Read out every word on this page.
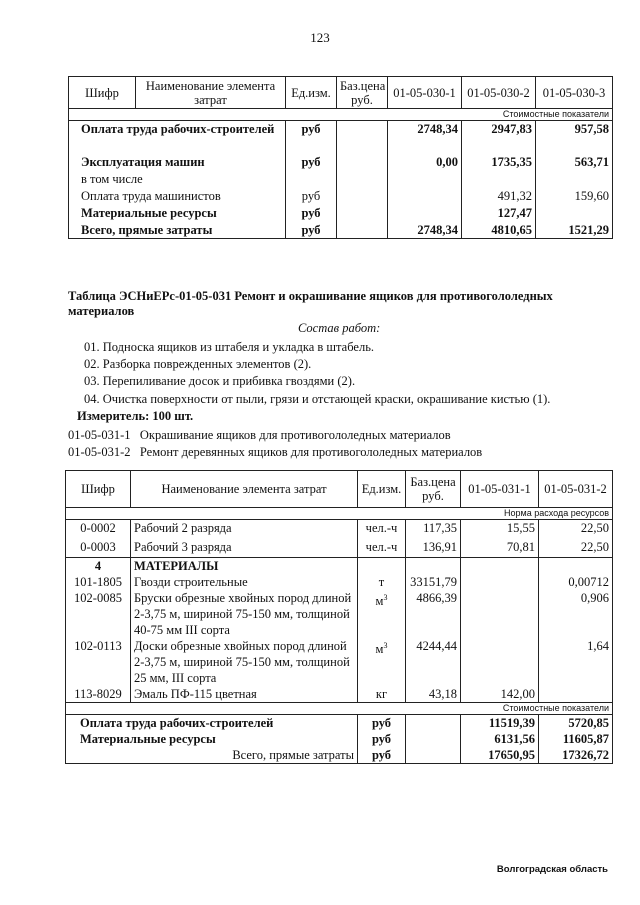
123
Шифр	Наименование элемента затрат	Ед.изм.	Баз.цена руб.	01-05-030-1	01-05-030-2	01-05-030-3
Стоимостные показатели						
Оплата труда рабочих-строителей		руб		2748,34	2947,83	957,58
Эксплуатация машин		руб		0,00	1735,35	563,71
в том числе						
Оплата труда машинистов		руб			491,32	159,60
Материальные ресурсы		руб			127,47	
Всего, прямые затраты		руб		2748,34	4810,65	1521,29
Таблица ЭСНиЕРс-01-05-031 Ремонт и окрашивание ящиков для противогололедных материалов
Состав работ:
01. Подноска ящиков из штабеля и укладка в штабель.
02. Разборка поврежденных элементов (2).
03. Перепиливание досок и прибивка гвоздями (2).
04. Очистка поверхности от пыли, грязи и отстающей краски, окрашивание кистью (1).
Измеритель: 100 шт.
01-05-031-1 Окрашивание ящиков для противогололедных материалов
01-05-031-2 Ремонт деревянных ящиков для противогололедных материалов
Шифр	Наименование элемента затрат	Ед.изм.	Баз.цена руб.	01-05-031-1	01-05-031-2
Норма расхода ресурсов					
0-0002	Рабочий 2 разряда	чел.-ч	117,35	15,55	22,50
0-0003	Рабочий 3 разряда	чел.-ч	136,91	70,81	22,50
4	МАТЕРИАЛЫ				
101-1805	Гвозди строительные	т	33151,79		0,00712
102-0085	Бруски обрезные хвойных пород длиной 2-3,75 м, шириной 75-150 мм, толщиной 40-75 мм III сорта	$м^3$	4866,39		0,906
102-0113	Доски обрезные хвойных пород длиной 2-3,75 м, шириной 75-150 мм, толщиной 25 мм, III сорта	$м^3$	4244,44		1,64
113-8029	Эмаль ПФ-115 цветная	кг	43,18	142,00	
Стоимостные показатели					
Оплата труда рабочих-строителей		руб		11519,39	5720,85
Материальные ресурсы		руб		6131,56	11605,87
Всего, прямые затраты		руб		17650,95	17326,72
Волгоградская область
